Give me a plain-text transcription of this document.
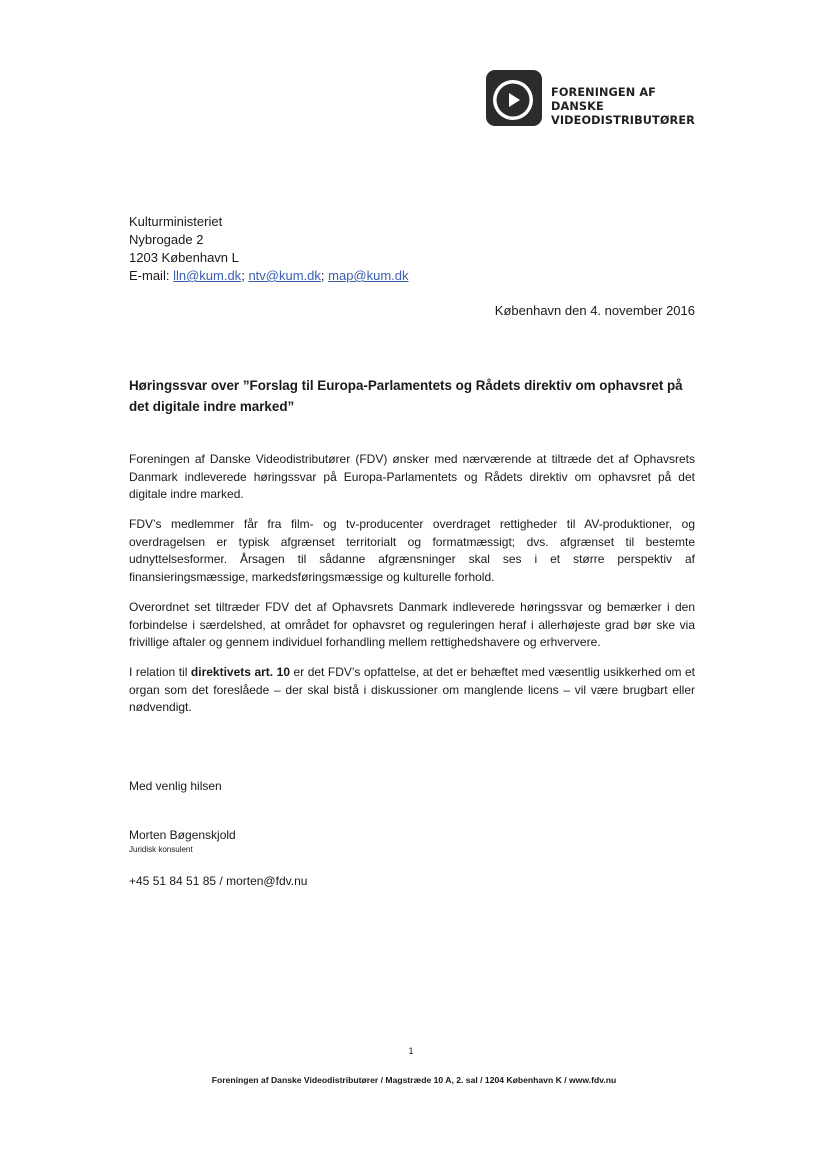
FORENINGEN AF DANSKE
VIDEODISTRIBUTØRER
Kulturministeriet
Nybrogade 2
1203 København L
E-mail: lln@kum.dk; ntv@kum.dk; map@kum.dk
København den 4. november 2016
Høringssvar over ”Forslag til Europa-Parlamentets og Rådets direktiv om ophavsret på det digitale indre marked”
Foreningen af Danske Videodistributører (FDV) ønsker med nærværende at tiltræde det af Ophavsrets Danmark indleverede høringssvar på Europa-Parlamentets og Rådets direktiv om ophavsret på det digitale indre marked.
FDV’s medlemmer får fra film- og tv-producenter overdraget rettigheder til AV-produktioner, og overdragelsen er typisk afgrænset territorialt og formatmæssigt; dvs. afgrænset til bestemte udnyttelsesformer. Årsagen til sådanne afgrænsninger skal ses i et større perspektiv af finansieringsmæssige, markedsføringsmæssige og kulturelle forhold.
Overordnet set tiltræder FDV det af Ophavsrets Danmark indleverede høringssvar og bemærker i den forbindelse i særdelshed, at området for ophavsret og reguleringen heraf i allerhøjeste grad bør ske via frivillige aftaler og gennem individuel forhandling mellem rettighedshavere og erhververe.
I relation til direktivets art. 10 er det FDV’s opfattelse, at det er behæftet med væsentlig usikkerhed om et organ som det foreslåede – der skal bistå i diskussioner om manglende licens – vil være brugbart eller nødvendigt.
Med venlig hilsen
Morten Bøgenskjold
Juridisk konsulent
+45 51 84 51 85 / morten@fdv.nu
1
Foreningen af Danske Videodistributører / Magstræde 10 A, 2. sal / 1204 København K / www.fdv.nu
